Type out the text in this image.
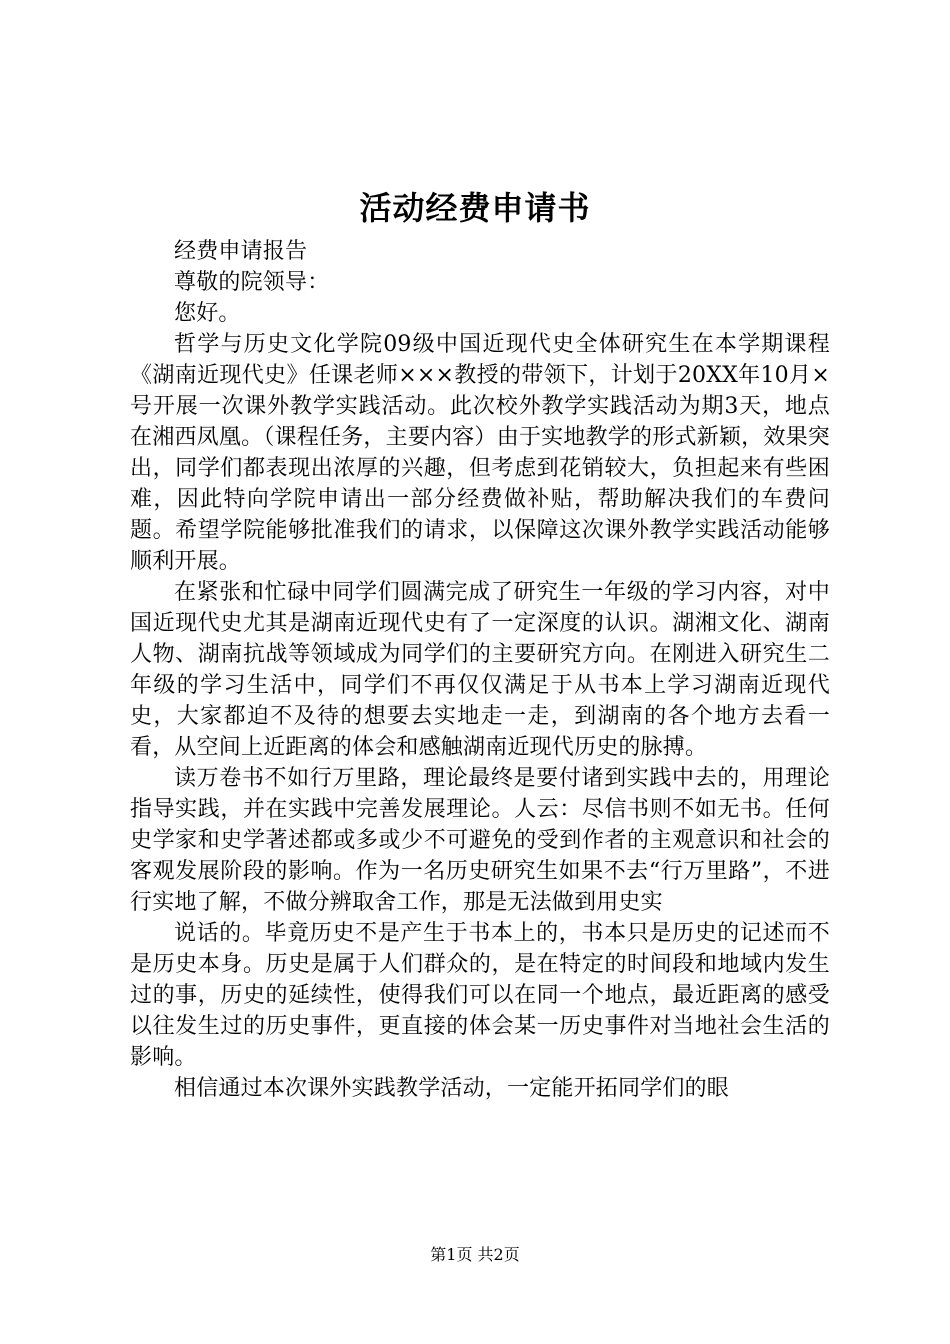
活动经费申请书

经费申请报告

尊敬的院领导：

您好。

哲学与历史文化学院09级中国近现代史全体研究生在本学期课程《湖南近现代史》任课老师×××教授的带领下，计划于20XX年10月×号开展一次课外教学实践活动。此次校外教学实践活动为期3天，地点在湘西凤凰。（课程任务，主要内容）由于实地教学的形式新颖，效果突出，同学们都表现出浓厚的兴趣，但考虑到花销较大，负担起来有些困难，因此特向学院申请出一部分经费做补贴，帮助解决我们的车费问题。希望学院能够批准我们的请求，以保障这次课外教学实践活动能够顺利开展。

在紧张和忙碌中同学们圆满完成了研究生一年级的学习内容，对中国近现代史尤其是湖南近现代史有了一定深度的认识。湖湘文化、湖南人物、湖南抗战等领域成为同学们的主要研究方向。在刚进入研究生二年级的学习生活中，同学们不再仅仅满足于从书本上学习湖南近现代史，大家都迫不及待的想要去实地走一走，到湖南的各个地方去看一看，从空间上近距离的体会和感触湖南近现代历史的脉搏。

读万卷书不如行万里路，理论最终是要付诸到实践中去的，用理论指导实践，并在实践中完善发展理论。人云：尽信书则不如无书。任何史学家和史学著述都或多或少不可避免的受到作者的主观意识和社会的客观发展阶段的影响。作为一名历史研究生如果不去“行万里路”，不进行实地了解，不做分辨取舍工作，那是无法做到用史实

说话的。毕竟历史不是产生于书本上的，书本只是历史的记述而不是历史本身。历史是属于人们群众的，是在特定的时间段和地域内发生过的事，历史的延续性，使得我们可以在同一个地点，最近距离的感受以往发生过的历史事件，更直接的体会某一历史事件对当地社会生活的影响。

相信通过本次课外实践教学活动，一定能开拓同学们的眼

第1页 共2页
